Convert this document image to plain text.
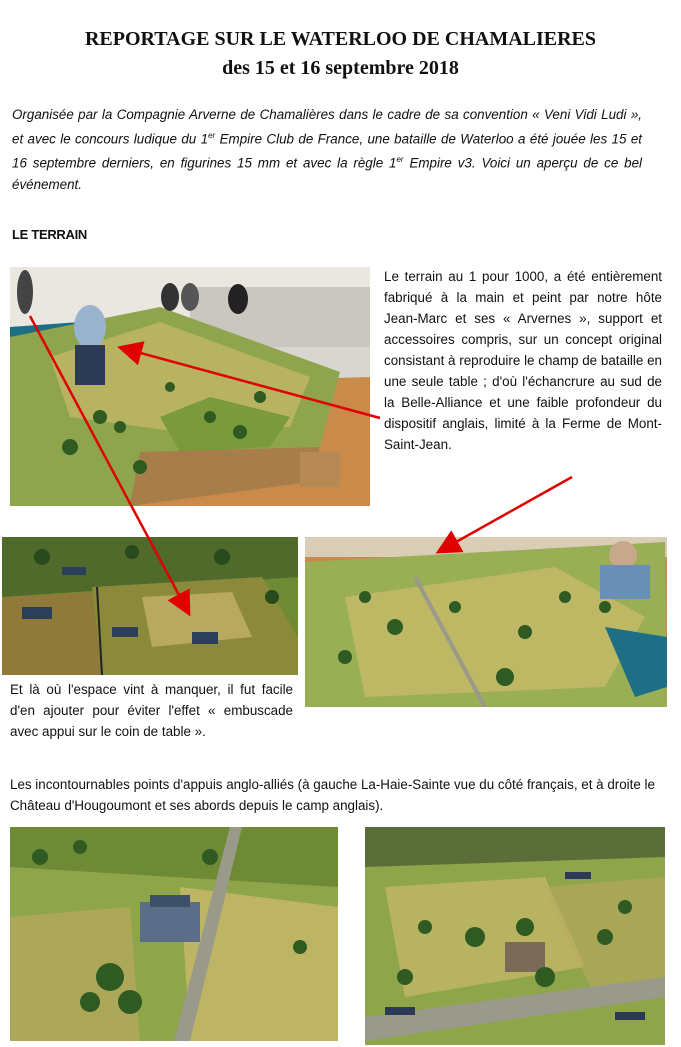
REPORTAGE SUR LE WATERLOO DE CHAMALIERES
des 15 et 16 septembre 2018
Organisée par la Compagnie Arverne de Chamalières dans le cadre de sa convention « Veni Vidi Ludi », et avec le concours ludique du 1er Empire Club de France, une bataille de Waterloo a été jouée les 15 et 16 septembre derniers, en figurines 15 mm et avec la règle 1er Empire v3. Voici un aperçu de ce bel événement.
LE TERRAIN
Le terrain au 1 pour 1000, a été entièrement fabriqué à la main et peint par notre hôte Jean-Marc et ses « Arvernes », support et accessoires compris, sur un concept original consistant à reproduire le champ de bataille en une seule table ; d'où l'échancrure au sud de la Belle-Alliance et une faible profondeur du dispositif anglais, limité à la Ferme de Mont-Saint-Jean.
Et là où l'espace vint à manquer, il fut facile d'en ajouter pour éviter l'effet « embuscade avec appui sur le coin de table ».
Les incontournables points d'appuis anglo-alliés (à gauche La-Haie-Sainte vue du côté français, et à droite le Château d'Hougoumont et ses abords depuis le camp anglais).
